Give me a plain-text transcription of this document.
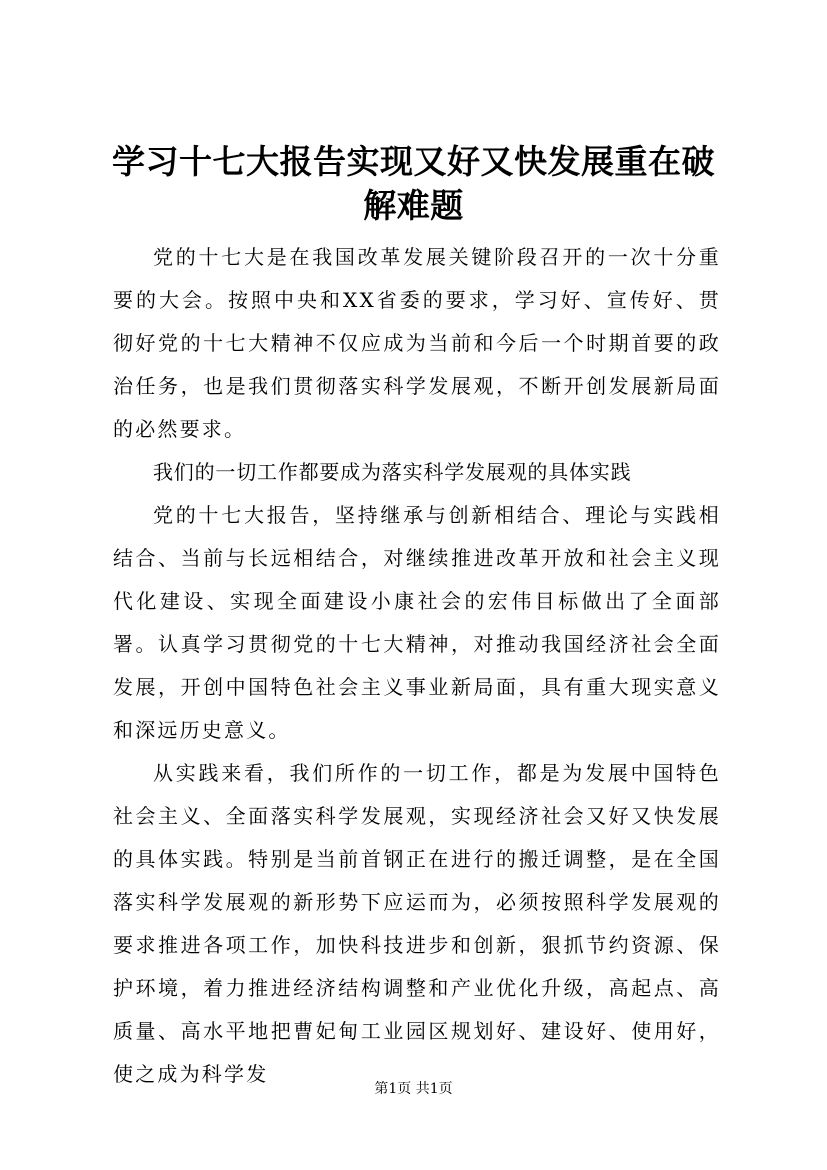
学习十七大报告实现又好又快发展重在破解难题

党的十七大是在我国改革发展关键阶段召开的一次十分重要的大会。按照中央和XX省委的要求，学习好、宣传好、贯彻好党的十七大精神不仅应成为当前和今后一个时期首要的政治任务，也是我们贯彻落实科学发展观，不断开创发展新局面的必然要求。

我们的一切工作都要成为落实科学发展观的具体实践

党的十七大报告，坚持继承与创新相结合、理论与实践相结合、当前与长远相结合，对继续推进改革开放和社会主义现代化建设、实现全面建设小康社会的宏伟目标做出了全面部署。认真学习贯彻党的十七大精神，对推动我国经济社会全面发展，开创中国特色社会主义事业新局面，具有重大现实意义和深远历史意义。

从实践来看，我们所作的一切工作，都是为发展中国特色社会主义、全面落实科学发展观，实现经济社会又好又快发展的具体实践。特别是当前首钢正在进行的搬迁调整，是在全国落实科学发展观的新形势下应运而为，必须按照科学发展观的要求推进各项工作，加快科技进步和创新，狠抓节约资源、保护环境，着力推进经济结构调整和产业优化升级，高起点、高质量、高水平地把曹妃甸工业园区规划好、建设好、使用好，使之成为科学发

第1页 共1页
